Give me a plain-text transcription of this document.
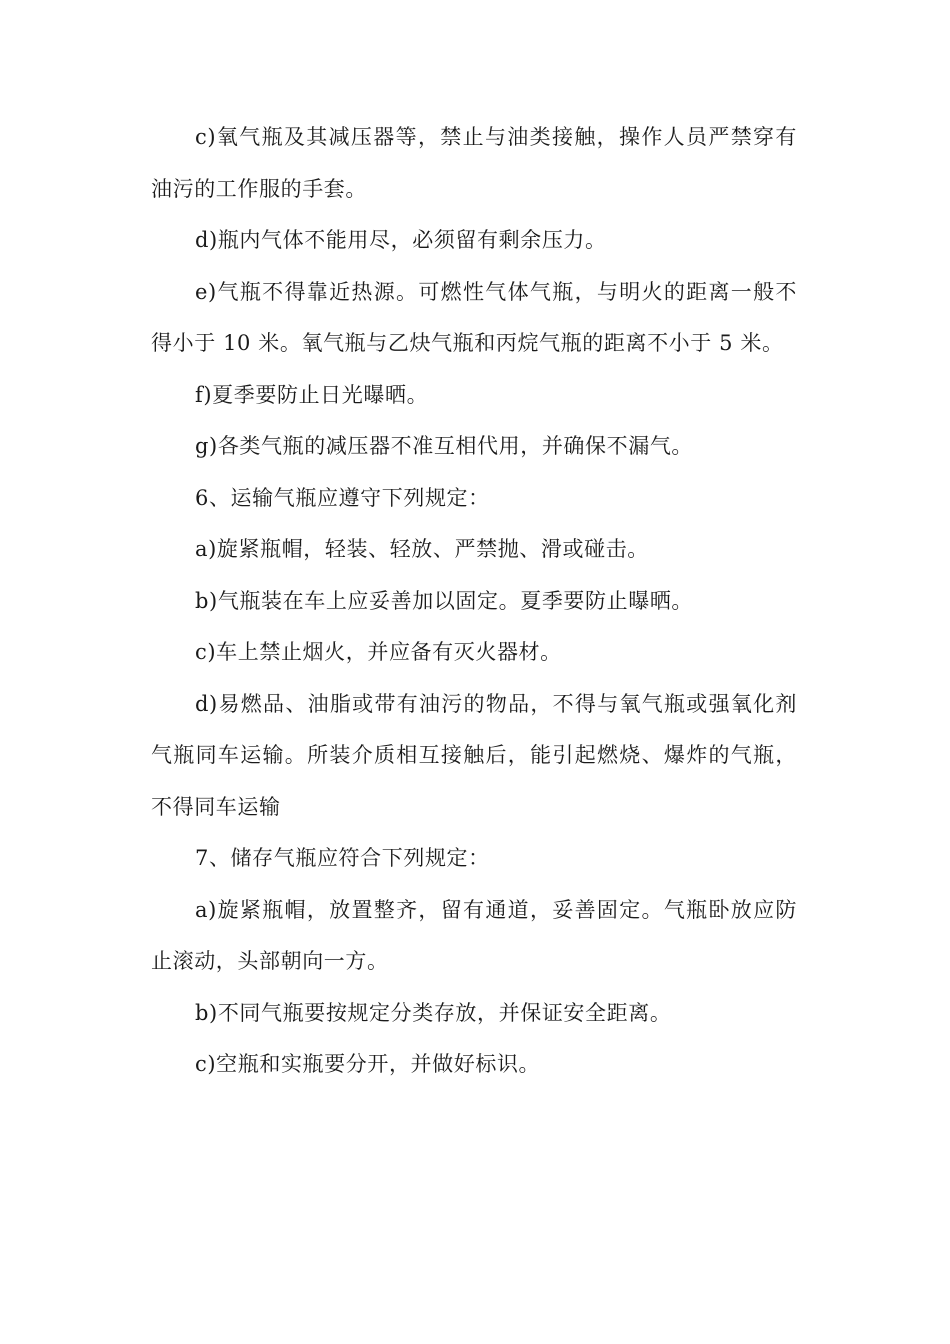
c)氧气瓶及其减压器等，禁止与油类接触，操作人员严禁穿有油污的工作服的手套。

d)瓶内气体不能用尽，必须留有剩余压力。

e)气瓶不得靠近热源。可燃性气体气瓶，与明火的距离一般不得小于 10 米。氧气瓶与乙炔气瓶和丙烷气瓶的距离不小于 5 米。

f)夏季要防止日光曝晒。

g)各类气瓶的减压器不准互相代用，并确保不漏气。

6、运输气瓶应遵守下列规定：

a)旋紧瓶帽，轻装、轻放、严禁抛、滑或碰击。

b)气瓶装在车上应妥善加以固定。夏季要防止曝晒。

c)车上禁止烟火，并应备有灭火器材。

d)易燃品、油脂或带有油污的物品，不得与氧气瓶或强氧化剂气瓶同车运输。所装介质相互接触后，能引起燃烧、爆炸的气瓶，不得同车运输

7、储存气瓶应符合下列规定：

a)旋紧瓶帽，放置整齐，留有通道，妥善固定。气瓶卧放应防止滚动，头部朝向一方。

b)不同气瓶要按规定分类存放，并保证安全距离。

c)空瓶和实瓶要分开，并做好标识。
